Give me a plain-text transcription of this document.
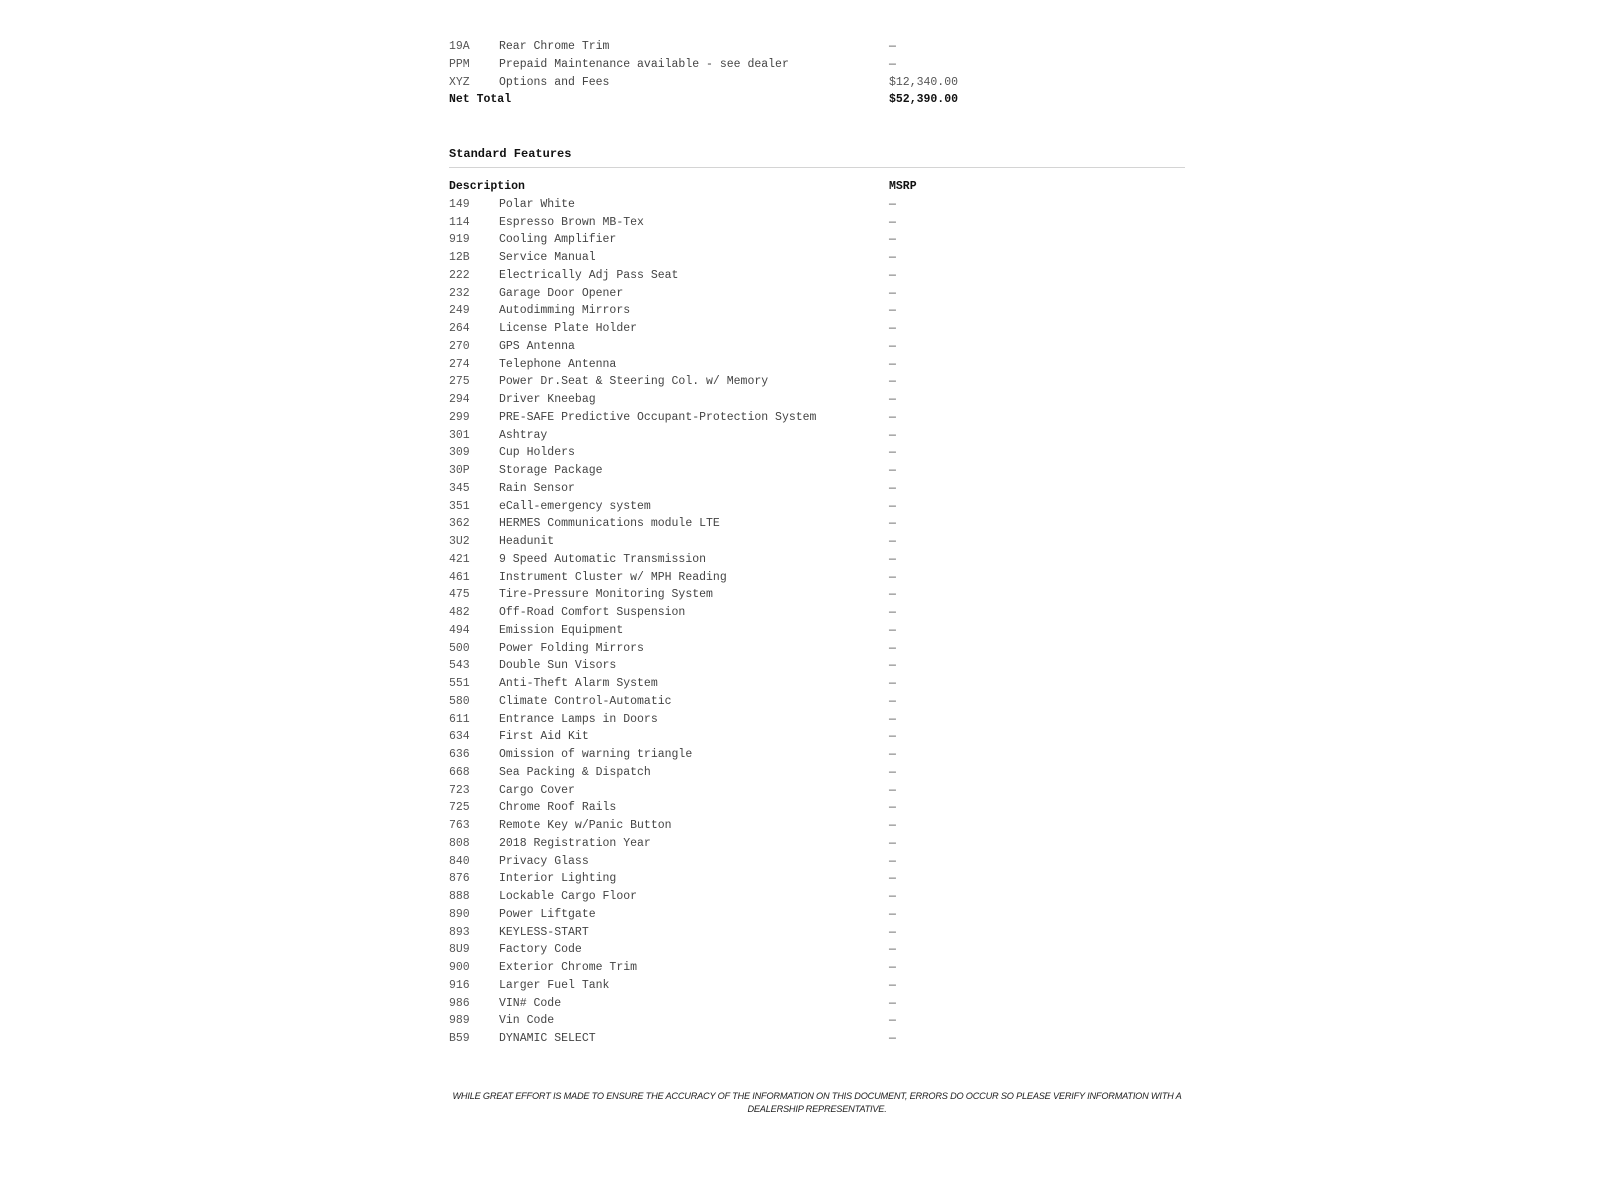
19A	Rear Chrome Trim	—
PPM	Prepaid Maintenance available - see dealer	—
XYZ	Options and Fees	$12,340.00
Net Total	$52,390.00
Standard Features
Description	MSRP
149	Polar White	—
114	Espresso Brown MB-Tex	—
919	Cooling Amplifier	—
12B	Service Manual	—
222	Electrically Adj Pass Seat	—
232	Garage Door Opener	—
249	Autodimming Mirrors	—
264	License Plate Holder	—
270	GPS Antenna	—
274	Telephone Antenna	—
275	Power Dr.Seat & Steering Col. w/ Memory	—
294	Driver Kneebag	—
299	PRE-SAFE Predictive Occupant-Protection System	—
301	Ashtray	—
309	Cup Holders	—
30P	Storage Package	—
345	Rain Sensor	—
351	eCall-emergency system	—
362	HERMES Communications module LTE	—
3U2	Headunit	—
421	9 Speed Automatic Transmission	—
461	Instrument Cluster w/ MPH Reading	—
475	Tire-Pressure Monitoring System	—
482	Off-Road Comfort Suspension	—
494	Emission Equipment	—
500	Power Folding Mirrors	—
543	Double Sun Visors	—
551	Anti-Theft Alarm System	—
580	Climate Control-Automatic	—
611	Entrance Lamps in Doors	—
634	First Aid Kit	—
636	Omission of warning triangle	—
668	Sea Packing & Dispatch	—
723	Cargo Cover	—
725	Chrome Roof Rails	—
763	Remote Key w/Panic Button	—
808	2018 Registration Year	—
840	Privacy Glass	—
876	Interior Lighting	—
888	Lockable Cargo Floor	—
890	Power Liftgate	—
893	KEYLESS-START	—
8U9	Factory Code	—
900	Exterior Chrome Trim	—
916	Larger Fuel Tank	—
986	VIN# Code	—
989	Vin Code	—
B59	DYNAMIC SELECT	—
WHILE GREAT EFFORT IS MADE TO ENSURE THE ACCURACY OF THE INFORMATION ON THIS DOCUMENT, ERRORS DO OCCUR SO PLEASE VERIFY INFORMATION WITH A DEALERSHIP REPRESENTATIVE.
